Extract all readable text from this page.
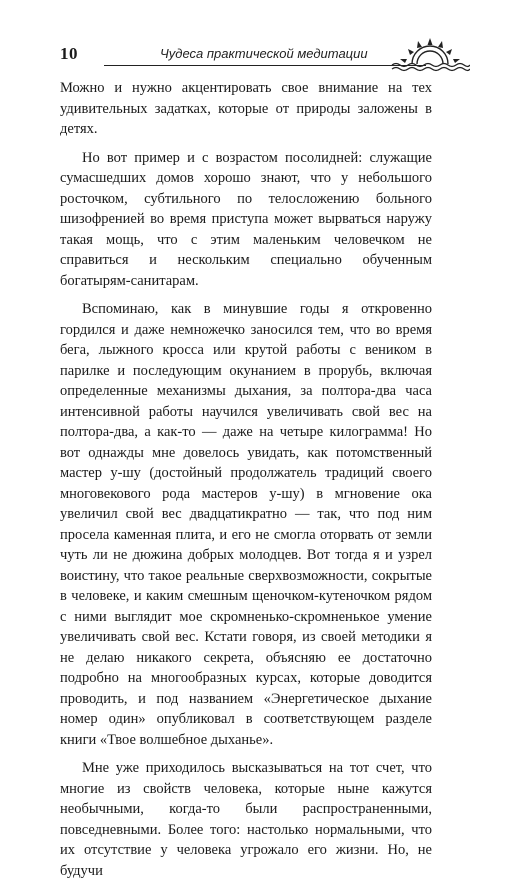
10	Чудеса практической медитации

Можно и нужно акцентировать свое внимание на тех удивительных задатках, которые от природы заложены в детях.

Но вот пример и с возрастом посолидней: служащие сумасшедших домов хорошо знают, что у небольшого росточком, субтильного по телосложению больного шизофренией во время приступа может вырваться наружу такая мощь, что с этим маленьким человечком не справиться и нескольким специально обученным богатырям-санитарам.

Вспоминаю, как в минувшие годы я откровенно гордился и даже немножечко заносился тем, что во время бега, лыжного кросса или крутой работы с веником в парилке и последующим окунанием в прорубь, включая определенные механизмы дыхания, за полтора-два часа интенсивной работы научился увеличивать свой вес на полтора-два, а как-то — даже на четыре килограмма! Но вот однажды мне довелось увидать, как потомственный мастер у-шу (достойный продолжатель традиций своего многовекового рода мастеров у-шу) в мгновение ока увеличил свой вес двадцатикратно — так, что под ним просела каменная плита, и его не смогла оторвать от земли чуть ли не дюжина добрых молодцев. Вот тогда я и узрел воистину, что такое реальные сверхвозможности, сокрытые в человеке, и каким смешным щеночком-кутеночком рядом с ними выглядит мое скромненько-скромненькое умение увеличивать свой вес. Кстати говоря, из своей методики я не делаю никакого секрета, объясняю ее достаточно подробно на многообразных курсах, которые доводится проводить, и под названием «Энергетическое дыхание номер один» опубликовал в соответствующем разделе книги «Твое волшебное дыханье».

Мне уже приходилось высказываться на тот счет, что многие из свойств человека, которые ныне кажутся необычными, когда-то были распространенными, повседневными. Более того: настолько нормальными, что их отсутствие у человека угрожало его жизни. Но, не будучи
